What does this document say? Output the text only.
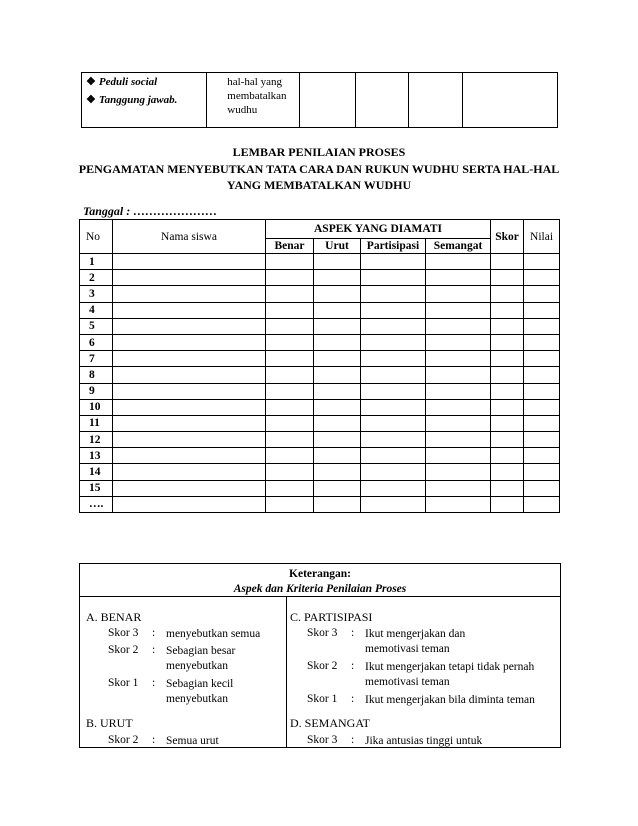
❖ Peduli social
❖ Tanggung jawab.
	hal-hal yang membatalkan wudhu				
LEMBAR PENILAIAN PROSES
PENGAMATAN MENYEBUTKAN TATA CARA DAN RUKUN WUDHU SERTA HAL-HAL YANG MEMBATALKAN WUDHU
Tanggal : …………………
No	Nama siswa	ASPEK YANG DIAMATI				Skor	Nilai
		Benar	Urut	Partisipasi	Semangat		
1							
2							
3							
4							
5							
6							
7							
8							
9							
10							
11							
12							
13							
14							
15							
….							
Keterangan:
Aspek dan Kriteria Penilaian Proses
A. BENAR
Skor 3	: menyebutkan semua
Skor 2	: Sebagian besar menyebutkan
Skor 1	: Sebagian kecil menyebutkan
B. URUT
Skor 2	: Semua urut
C. PARTISIPASI
Skor 3	: Ikut mengerjakan dan memotivasi teman
Skor 2	: Ikut mengerjakan tetapi tidak pernah memotivasi teman
Skor 1	: Ikut mengerjakan bila diminta teman
D. SEMANGAT
Skor 3	: Jika antusias tinggi untuk
